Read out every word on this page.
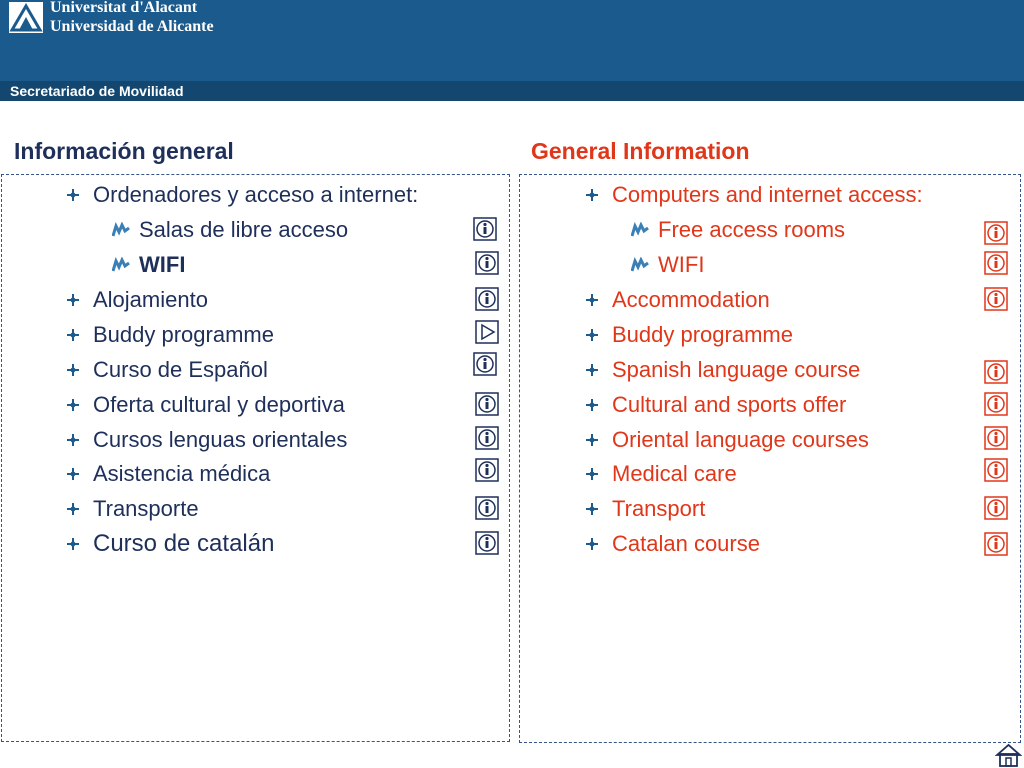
Universitat d'Alacant
Universidad de Alicante
Secretariado de Movilidad
Información general	General Information
Ordenadores y acceso a internet:
Salas de libre acceso
WIFI
Alojamiento
Buddy programme
Curso de Español
Oferta cultural y deportiva
Cursos lenguas orientales
Asistencia médica
Transporte
Curso de catalán
Computers and internet access:
Free access rooms
WIFI
Accommodation
Buddy programme
Spanish language course
Cultural and sports offer
Oriental language courses
Medical care
Transport
Catalan course
